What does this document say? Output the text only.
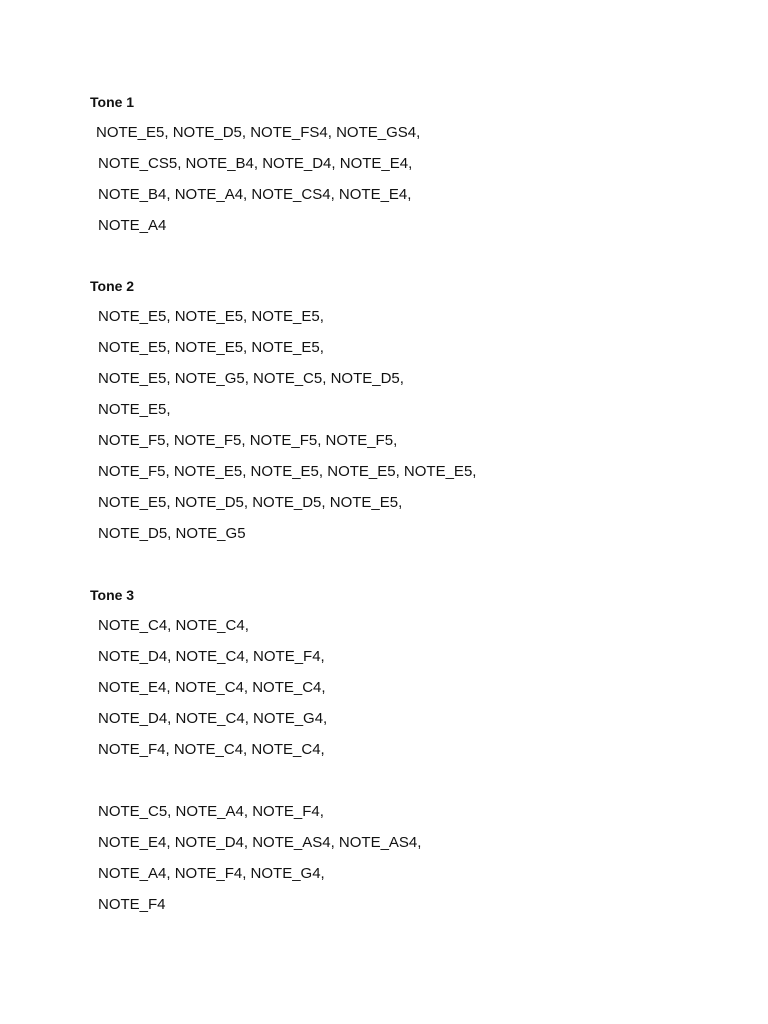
Tone 1
NOTE_E5, NOTE_D5, NOTE_FS4, NOTE_GS4,
NOTE_CS5, NOTE_B4, NOTE_D4, NOTE_E4,
NOTE_B4, NOTE_A4, NOTE_CS4, NOTE_E4,
NOTE_A4
Tone 2
NOTE_E5, NOTE_E5, NOTE_E5,
NOTE_E5, NOTE_E5, NOTE_E5,
NOTE_E5, NOTE_G5, NOTE_C5, NOTE_D5,
NOTE_E5,
NOTE_F5, NOTE_F5, NOTE_F5, NOTE_F5,
NOTE_F5, NOTE_E5, NOTE_E5, NOTE_E5, NOTE_E5,
NOTE_E5, NOTE_D5, NOTE_D5, NOTE_E5,
NOTE_D5, NOTE_G5
Tone 3
NOTE_C4, NOTE_C4,
NOTE_D4, NOTE_C4, NOTE_F4,
NOTE_E4, NOTE_C4, NOTE_C4,
NOTE_D4, NOTE_C4, NOTE_G4,
NOTE_F4, NOTE_C4, NOTE_C4,
NOTE_C5, NOTE_A4, NOTE_F4,
NOTE_E4, NOTE_D4, NOTE_AS4, NOTE_AS4,
NOTE_A4, NOTE_F4, NOTE_G4,
NOTE_F4
